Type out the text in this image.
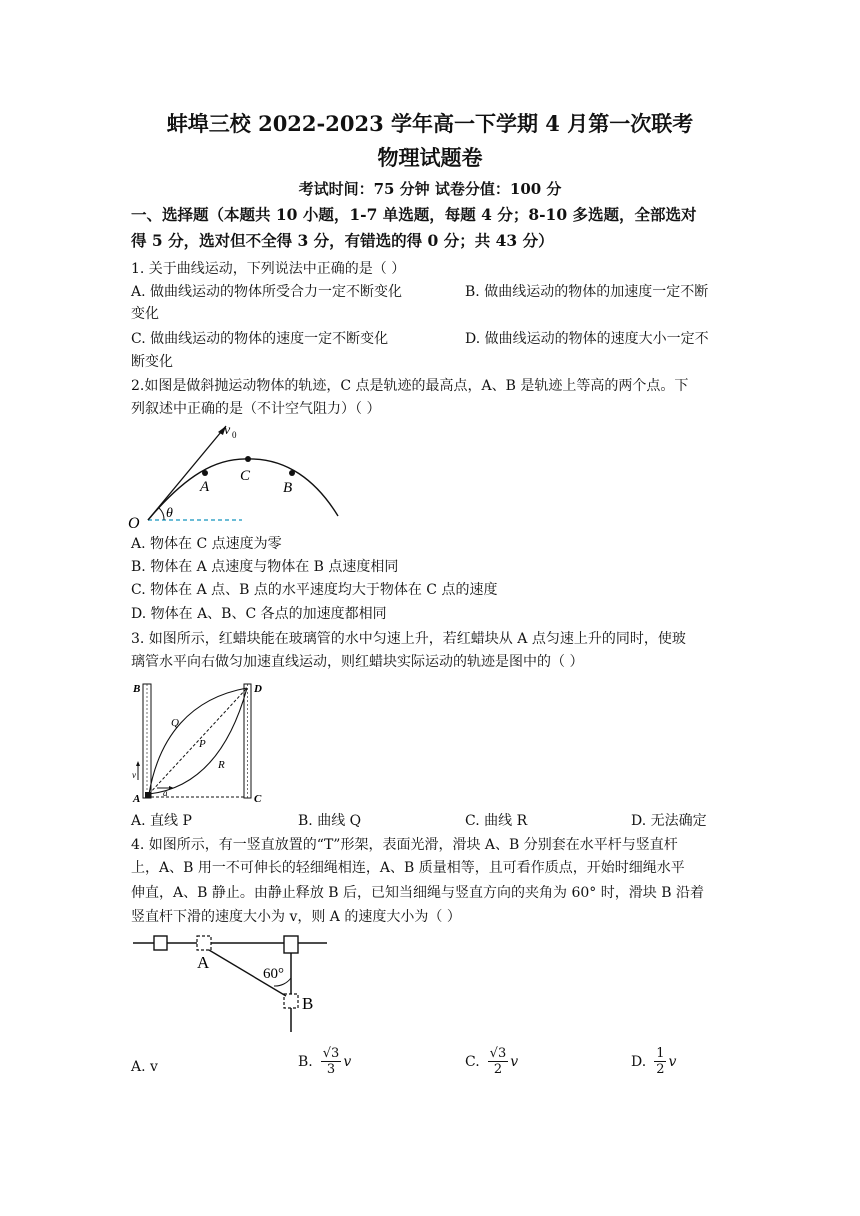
蚌埠三校 2022-2023 学年高一下学期 4 月第一次联考
物理试题卷
考试时间：75 分钟 试卷分值：100 分
一、选择题（本题共 10 小题，1-7 单选题，每题 4 分；8-10 多选题，全部选对
得 5 分，选对但不全得 3 分，有错选的得 0 分；共 43 分）
1. 关于曲线运动，下列说法中正确的是（ ）
A. 做曲线运动的物体所受合力一定不断变化	B. 做曲线运动的物体的加速度一定不断
变化
C. 做曲线运动的物体的速度一定不断变化	D. 做曲线运动的物体的速度大小一定不
断变化
2.如图是做斜抛运动物体的轨迹，C 点是轨迹的最高点，A、B 是轨迹上等高的两个点。下
列叙述中正确的是（不计空气阻力）（ ）
A
C
B
O
θ
v 0
A. 物体在 C 点速度为零
B. 物体在 A 点速度与物体在 B 点速度相同
C. 物体在 A 点、B 点的水平速度均大于物体在 C 点的速度
D. 物体在 A、B、C 各点的加速度都相同
3. 如图所示，红蜡块能在玻璃管的水中匀速上升，若红蜡块从 A 点匀速上升的同时，使玻
璃管水平向右做匀加速直线运动，则红蜡块实际运动的轨迹是图中的（ ）
B	D
A	C
Q
P
R
v
a
A. 直线 P	B. 曲线 Q	C. 曲线 R	D. 无法确定
4. 如图所示，有一竖直放置的“T”形架，表面光滑，滑块 A、B 分别套在水平杆与竖直杆
上，A、B 用一不可伸长的轻细绳相连，A、B 质量相等，且可看作质点，开始时细绳水平
伸直，A、B 静止。由静止释放 B 后，已知当细绳与竖直方向的夹角为 60° 时，滑块 B 沿着
竖直杆下滑的速度大小为 v，则 A 的速度大小为（ ）
A
B
60°
A. v	B. $\frac{√3}{3}$ v	C. $\frac{√3}{2}$ v	D. $\frac{1}{2}$ v
